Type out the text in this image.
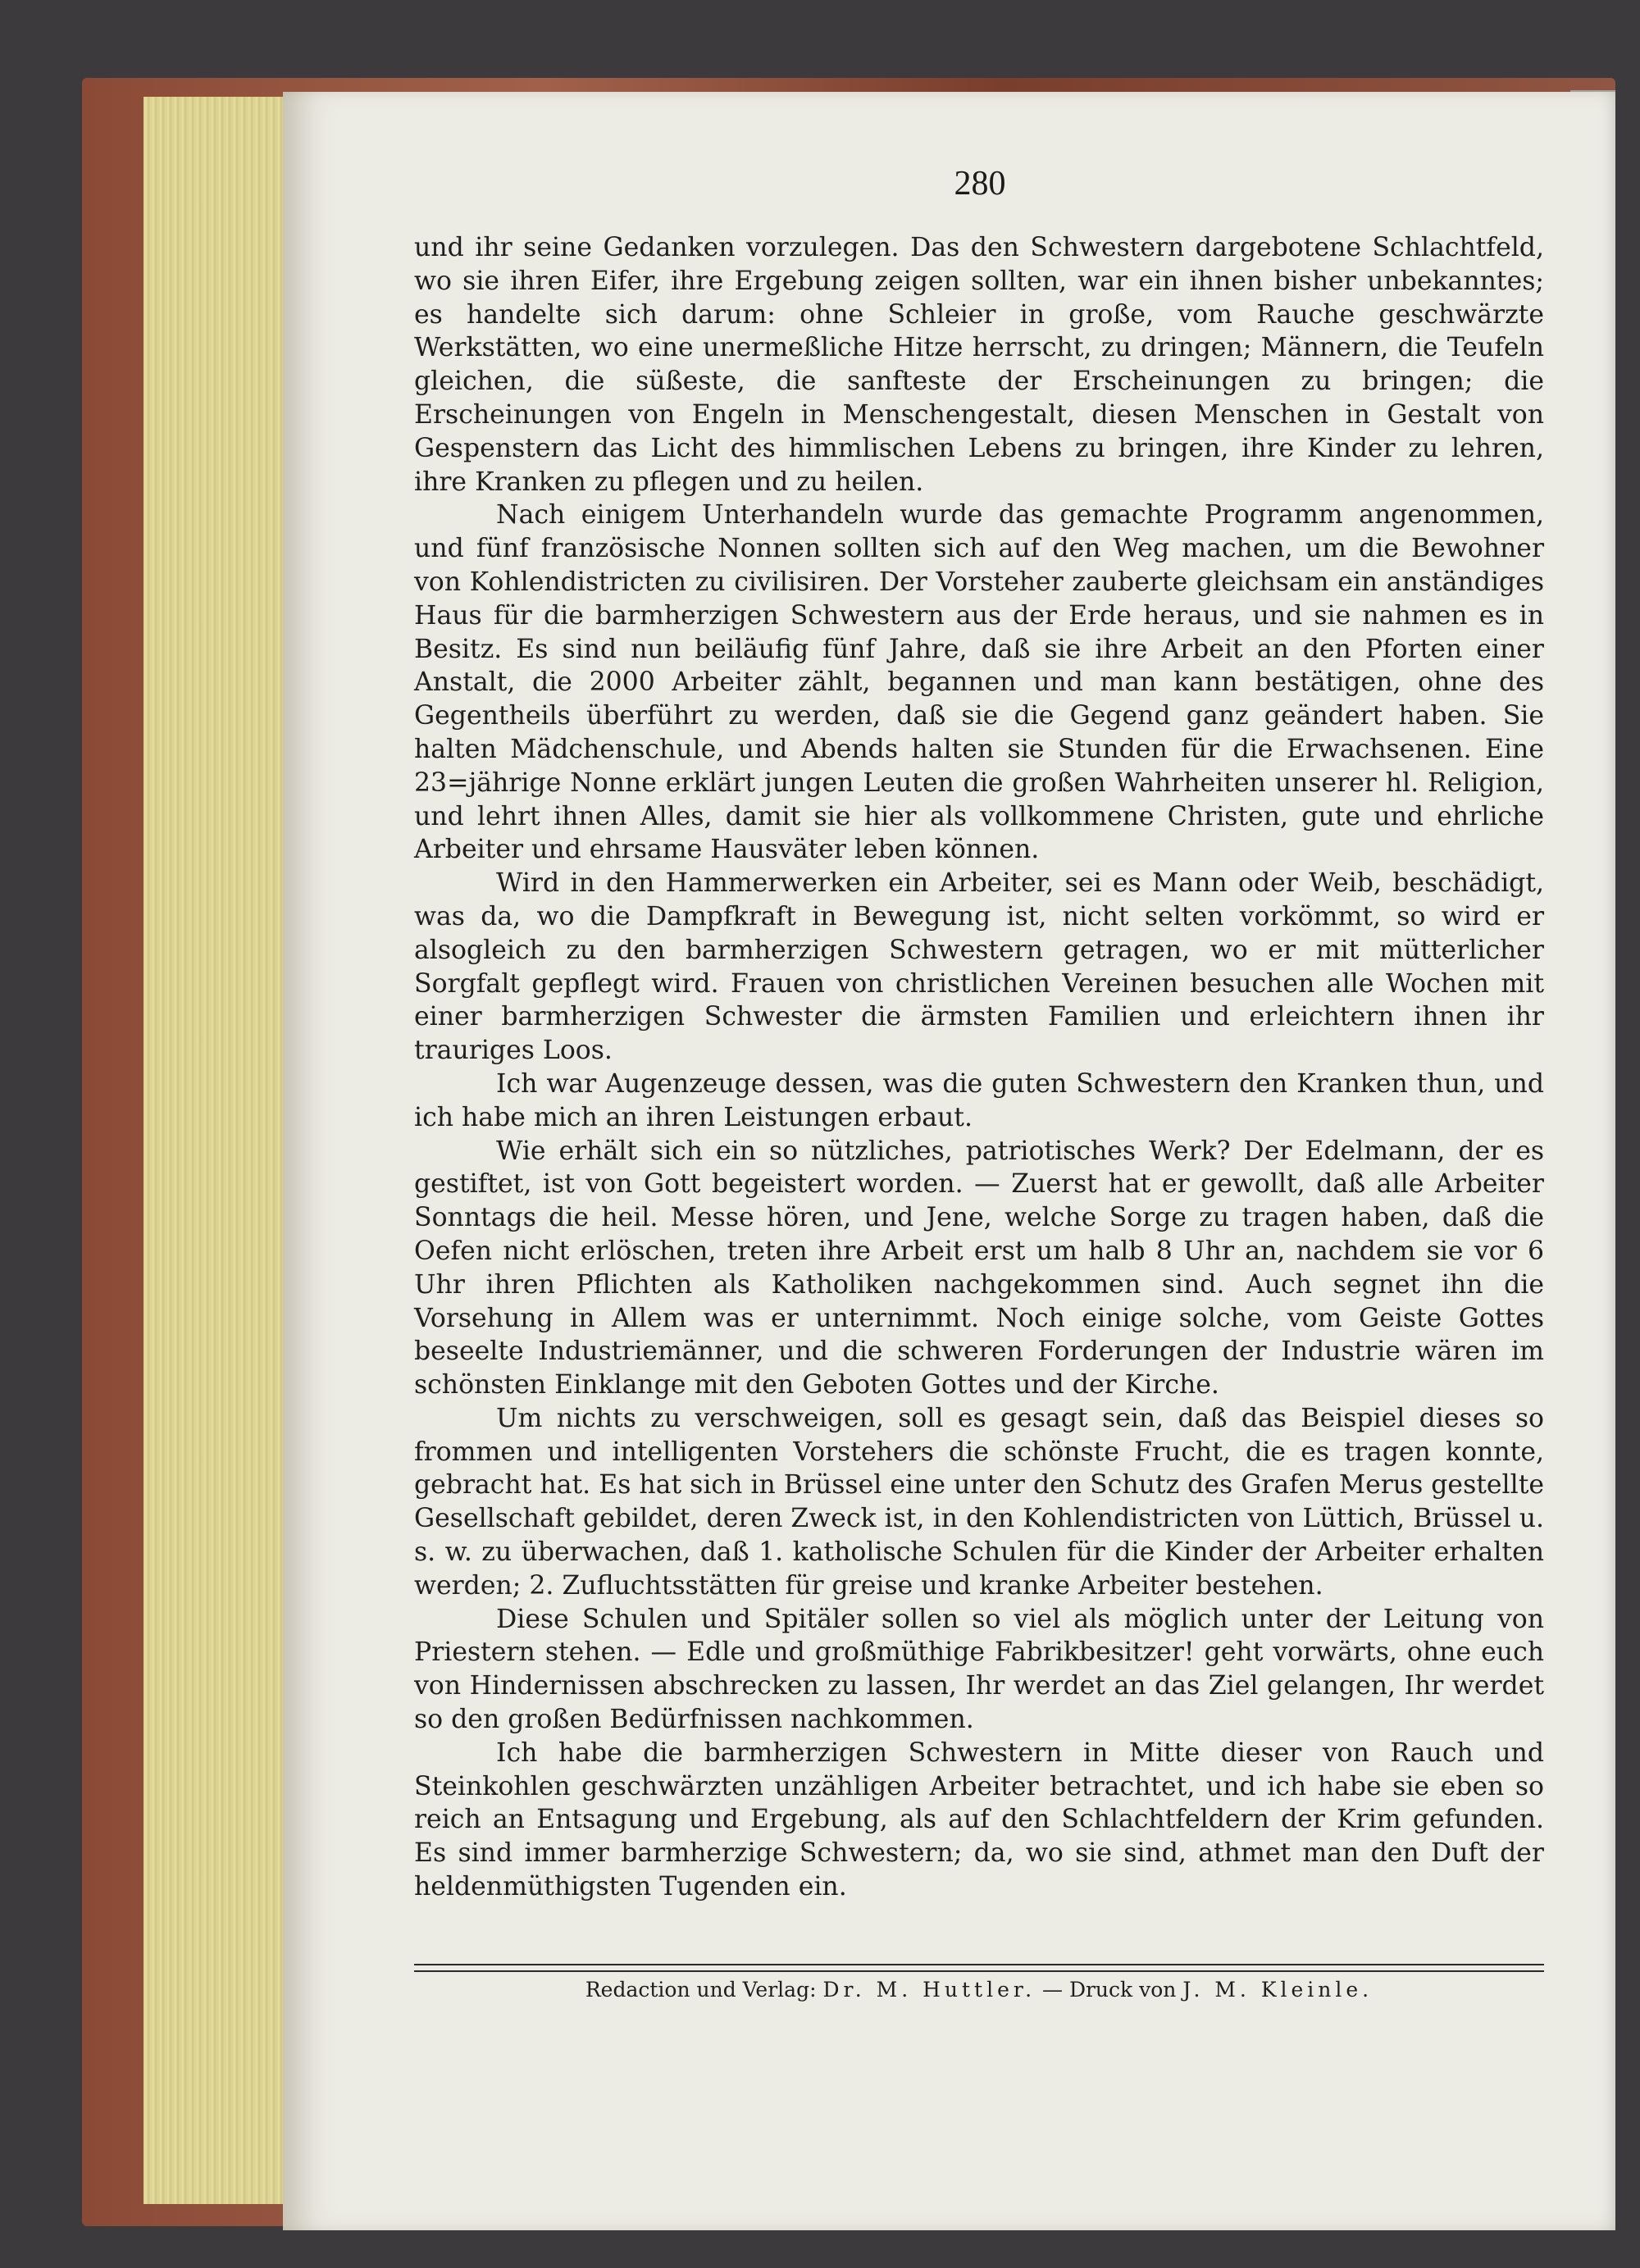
280

und ihr seine Gedanken vorzulegen. Das den Schwestern dargebotene Schlachtfeld, wo sie ihren Eifer, ihre Ergebung zeigen sollten, war ein ihnen bisher unbekanntes; es handelte sich darum: ohne Schleier in große, vom Rauche geschwärzte Werkstätten, wo eine unermeßliche Hitze herrscht, zu dringen; Männern, die Teufeln gleichen, die süßeste, die sanfteste der Erscheinungen zu bringen; die Erscheinungen von Engeln in Menschengestalt, diesen Menschen in Gestalt von Gespenstern das Licht des himmlischen Lebens zu bringen, ihre Kinder zu lehren, ihre Kranken zu pflegen und zu heilen.

Nach einigem Unterhandeln wurde das gemachte Programm angenommen, und fünf französische Nonnen sollten sich auf den Weg machen, um die Bewohner von Kohlendistricten zu civilisiren. Der Vorsteher zauberte gleichsam ein anständiges Haus für die barmherzigen Schwestern aus der Erde heraus, und sie nahmen es in Besitz. Es sind nun beiläufig fünf Jahre, daß sie ihre Arbeit an den Pforten einer Anstalt, die 2000 Arbeiter zählt, begannen und man kann bestätigen, ohne des Gegentheils überführt zu werden, daß sie die Gegend ganz geändert haben. Sie halten Mädchenschule, und Abends halten sie Stunden für die Erwachsenen. Eine 23=jährige Nonne erklärt jungen Leuten die großen Wahrheiten unserer hl. Religion, und lehrt ihnen Alles, damit sie hier als vollkommene Christen, gute und ehrliche Arbeiter und ehrsame Hausväter leben können.

Wird in den Hammerwerken ein Arbeiter, sei es Mann oder Weib, beschädigt, was da, wo die Dampfkraft in Bewegung ist, nicht selten vorkömmt, so wird er alsogleich zu den barmherzigen Schwestern getragen, wo er mit mütterlicher Sorgfalt gepflegt wird. Frauen von christlichen Vereinen besuchen alle Wochen mit einer barmherzigen Schwester die ärmsten Familien und erleichtern ihnen ihr trauriges Loos.

Ich war Augenzeuge dessen, was die guten Schwestern den Kranken thun, und ich habe mich an ihren Leistungen erbaut.

Wie erhält sich ein so nützliches, patriotisches Werk? Der Edelmann, der es gestiftet, ist von Gott begeistert worden. — Zuerst hat er gewollt, daß alle Arbeiter Sonntags die heil. Messe hören, und Jene, welche Sorge zu tragen haben, daß die Oefen nicht erlöschen, treten ihre Arbeit erst um halb 8 Uhr an, nachdem sie vor 6 Uhr ihren Pflichten als Katholiken nachgekommen sind. Auch segnet ihn die Vorsehung in Allem was er unternimmt. Noch einige solche, vom Geiste Gottes beseelte Industriemänner, und die schweren Forderungen der Industrie wären im schönsten Einklange mit den Geboten Gottes und der Kirche.

Um nichts zu verschweigen, soll es gesagt sein, daß das Beispiel dieses so frommen und intelligenten Vorstehers die schönste Frucht, die es tragen konnte, gebracht hat. Es hat sich in Brüssel eine unter den Schutz des Grafen Merus gestellte Gesellschaft gebildet, deren Zweck ist, in den Kohlendistricten von Lüttich, Brüssel u. s. w. zu überwachen, daß 1. katholische Schulen für die Kinder der Arbeiter erhalten werden; 2. Zufluchtsstätten für greise und kranke Arbeiter bestehen.

Diese Schulen und Spitäler sollen so viel als möglich unter der Leitung von Priestern stehen. — Edle und großmüthige Fabrikbesitzer! geht vorwärts, ohne euch von Hindernissen abschrecken zu lassen, Ihr werdet an das Ziel gelangen, Ihr werdet so den großen Bedürfnissen nachkommen.

Ich habe die barmherzigen Schwestern in Mitte dieser von Rauch und Steinkohlen geschwärzten unzähligen Arbeiter betrachtet, und ich habe sie eben so reich an Entsagung und Ergebung, als auf den Schlachtfeldern der Krim gefunden. Es sind immer barmherzige Schwestern; da, wo sie sind, athmet man den Duft der heldenmüthigsten Tugenden ein.

Redaction und Verlag: Dr. M. Huttler. — Druck von J. M. Kleinle.
